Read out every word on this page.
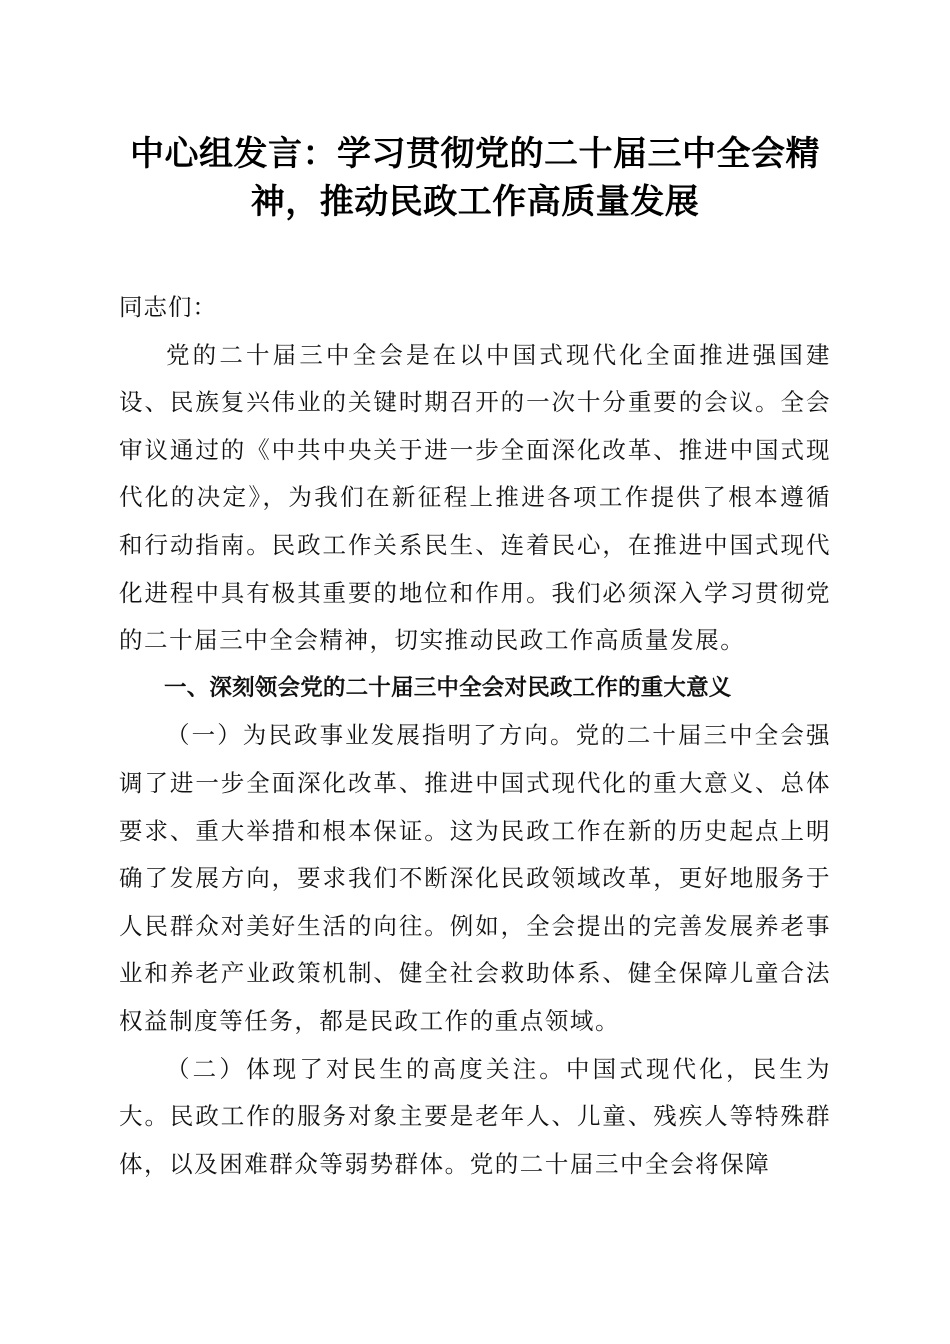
中心组发言：学习贯彻党的二十届三中全会精
神，推动民政工作高质量发展

同志们：

党的二十届三中全会是在以中国式现代化全面推进强国建设、民族复兴伟业的关键时期召开的一次十分重要的会议。全会审议通过的《中共中央关于进一步全面深化改革、推进中国式现代化的决定》，为我们在新征程上推进各项工作提供了根本遵循和行动指南。民政工作关系民生、连着民心，在推进中国式现代化进程中具有极其重要的地位和作用。我们必须深入学习贯彻党的二十届三中全会精神，切实推动民政工作高质量发展。

一、深刻领会党的二十届三中全会对民政工作的重大意义

（一）为民政事业发展指明了方向。党的二十届三中全会强调了进一步全面深化改革、推进中国式现代化的重大意义、总体要求、重大举措和根本保证。这为民政工作在新的历史起点上明确了发展方向，要求我们不断深化民政领域改革，更好地服务于人民群众对美好生活的向往。例如，全会提出的完善发展养老事业和养老产业政策机制、健全社会救助体系、健全保障儿童合法权益制度等任务，都是民政工作的重点领域。

（二）体现了对民生的高度关注。中国式现代化，民生为大。民政工作的服务对象主要是老年人、儿童、残疾人等特殊群体，以及困难群众等弱势群体。党的二十届三中全会将保障
